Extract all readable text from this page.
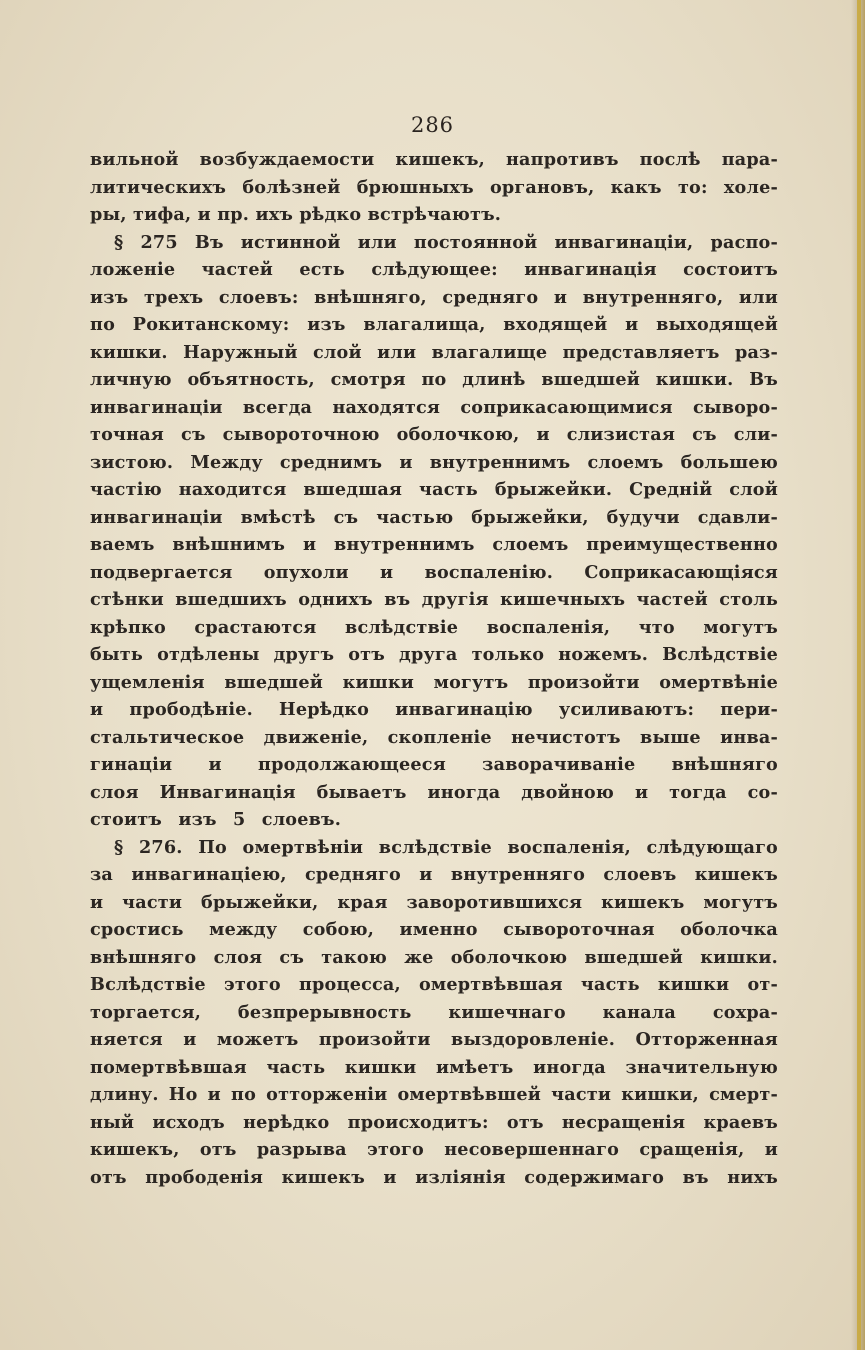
286
вильной возбуждаемости кишекъ, напротивъ послѣ пара-
литическихъ болѣзней брюшныхъ органовъ, какъ то: холе-
ры, тифа, и пр. ихъ рѣдко встрѣчаютъ.
§ 275 Въ истинной или постоянной инвагинаціи, распо-
ложеніе частей есть слѣдующее: инвагинація состоитъ
изъ трехъ слоевъ: внѣшняго, средняго и внутренняго, или
по Рокитанскому: изъ влагалища, входящей и выходящей
кишки. Наружный слой или влагалище представляетъ раз-
личную объятность, смотря по длинѣ вшедшей кишки. Въ
инвагинаціи всегда находятся соприкасающимися сыворо-
точная съ сывороточною оболочкою, и слизистая съ сли-
зистою. Между среднимъ и внутреннимъ слоемъ большею
частію находится вшедшая часть брыжейки. Средній слой
инвагинаціи вмѣстѣ съ частью брыжейки, будучи сдавли-
ваемъ внѣшнимъ и внутреннимъ слоемъ преимущественно
подвергается опухоли и воспаленію. Соприкасающіяся
стѣнки вшедшихъ однихъ въ другія кишечныхъ частей столь
крѣпко срастаются вслѣдствіе воспаленія, что могутъ
быть отдѣлены другъ отъ друга только ножемъ. Вслѣдствіе
ущемленія вшедшей кишки могутъ произойти омертвѣніе
и прободѣніе. Нерѣдко инвагинацію усиливаютъ: пери-
стальтическое движеніе, скопленіе нечистотъ выше инва-
гинаціи и продолжающееся заворачиваніе внѣшняго
слоя Инвагинація бываетъ иногда двойною и тогда со-
стоитъ изъ 5 слоевъ.
§ 276. По омертвѣніи вслѣдствіе воспаленія, слѣдующаго
за инвагинаціею, средняго и внутренняго слоевъ кишекъ
и части брыжейки, края заворотившихся кишекъ могутъ
сростись между собою, именно сывороточная оболочка
внѣшняго слоя съ такою же оболочкою вшедшей кишки.
Вслѣдствіе этого процесса, омертвѣвшая часть кишки от-
торгается, безпрерывность кишечнаго канала сохра-
няется и можетъ произойти выздоровленіе. Отторженная
помертвѣвшая часть кишки имѣетъ иногда значительную
длину. Но и по отторженіи омертвѣвшей части кишки, смерт-
ный исходъ нерѣдко происходитъ: отъ несращенія краевъ
кишекъ, отъ разрыва этого несовершеннаго сращенія, и
отъ прободенія кишекъ и изліянія содержимаго въ нихъ
